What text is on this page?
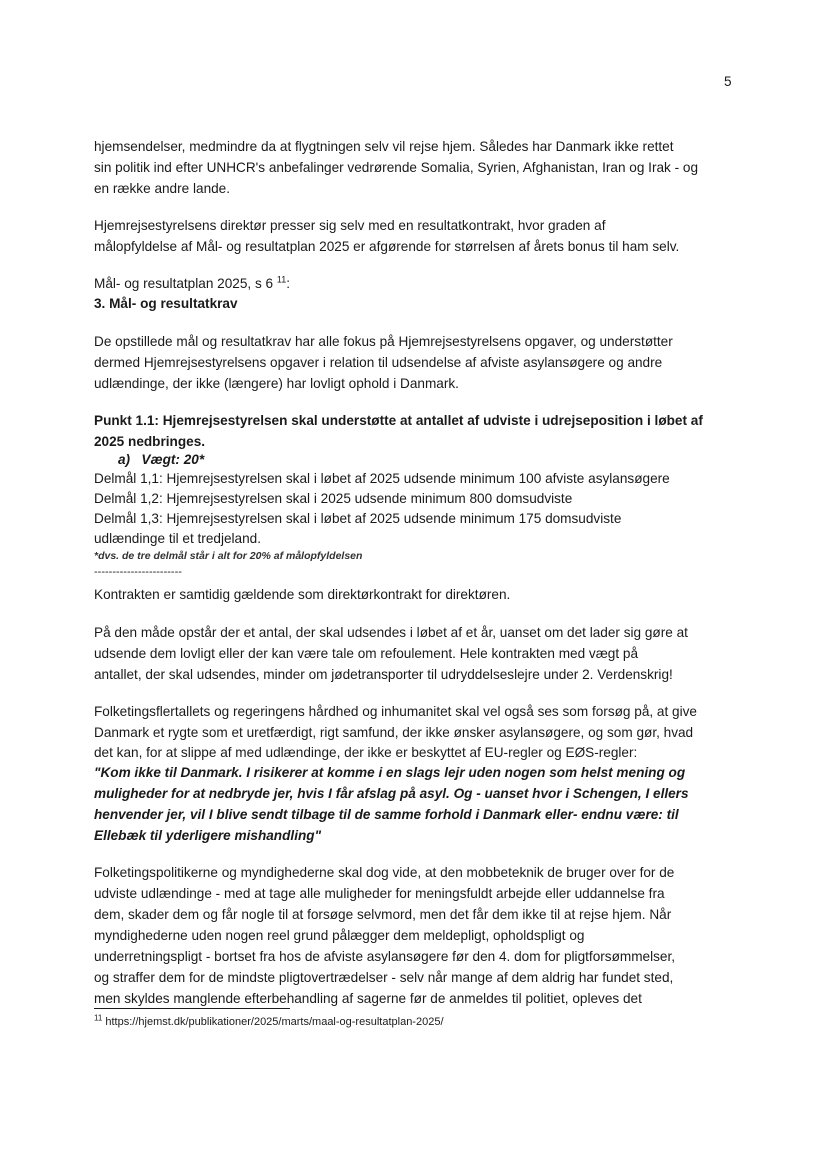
5
hjemsendelser, medmindre da at flygtningen selv vil rejse hjem. Således har Danmark ikke rettet
sin politik ind efter UNHCR's anbefalinger vedrørende Somalia, Syrien, Afghanistan, Iran og Irak - og
en række andre lande.
Hjemrejsestyrelsens direktør presser sig selv med en resultatkontrakt, hvor graden af
målopfyldelse af Mål- og resultatplan 2025 er afgørende for størrelsen af årets bonus til ham selv.
Mål- og resultatplan 2025, s 6 $^{11}$:
3. Mål- og resultatkrav
De opstillede mål og resultatkrav har alle fokus på Hjemrejsestyrelsens opgaver, og understøtter
dermed Hjemrejsestyrelsens opgaver i relation til udsendelse af afviste asylansøgere og andre
udlændinge, der ikke (længere) har lovligt ophold i Danmark.
Punkt 1.1: Hjemrejsestyrelsen skal understøtte at antallet af udviste i udrejseposition i løbet af
2025 nedbringes.
a)   Vægt: 20*
Delmål 1,1: Hjemrejsestyrelsen skal i løbet af 2025 udsende minimum 100 afviste asylansøgere
Delmål 1,2: Hjemrejsestyrelsen skal i 2025 udsende minimum 800 domsudviste
Delmål 1,3: Hjemrejsestyrelsen skal i løbet af 2025 udsende minimum 175 domsudviste
udlændinge til et tredjeland.
*dvs. de tre delmål står i alt for 20% af målopfyldelsen
------------------------
Kontrakten er samtidig gældende som direktørkontrakt for direktøren.
På den måde opstår der et antal, der skal udsendes i løbet af et år, uanset om det lader sig gøre at
udsende dem lovligt eller der kan være tale om refoulement. Hele kontrakten med vægt på
antallet, der skal udsendes, minder om jødetransporter til udryddelseslejre under 2. Verdenskrig!
Folketingsflertallets og regeringens hårdhed og inhumanitet skal vel også ses som forsøg på, at give
Danmark et rygte som et uretfærdigt, rigt samfund, der ikke ønsker asylansøgere, og som gør, hvad
det kan, for at slippe af med udlændinge, der ikke er beskyttet af EU-regler og EØS-regler:
"Kom ikke til Danmark. I risikerer at komme i en slags lejr uden nogen som helst mening og
muligheder for at nedbryde jer, hvis I får afslag på asyl. Og - uanset hvor i Schengen, I ellers
henvender jer, vil I blive sendt tilbage til de samme forhold i Danmark eller- endnu være: til
Ellebæk til yderligere mishandling"
Folketingspolitikerne og myndighederne skal dog vide, at den mobbeteknik de bruger over for de
udviste udlændinge - med at tage alle muligheder for meningsfuldt arbejde eller uddannelse fra
dem, skader dem og får nogle til at forsøge selvmord, men det får dem ikke til at rejse hjem. Når
myndighederne uden nogen reel grund pålægger dem meldepligt, opholdspligt og
underretningspligt - bortset fra hos de afviste asylansøgere før den 4. dom for pligtforsømmelser,
og straffer dem for de mindste pligtovertrædelser - selv når mange af dem aldrig har fundet sted,
men skyldes manglende efterbehandling af sagerne før de anmeldes til politiet, opleves det
$^{11}$ https://hjemst.dk/publikationer/2025/marts/maal-og-resultatplan-2025/
